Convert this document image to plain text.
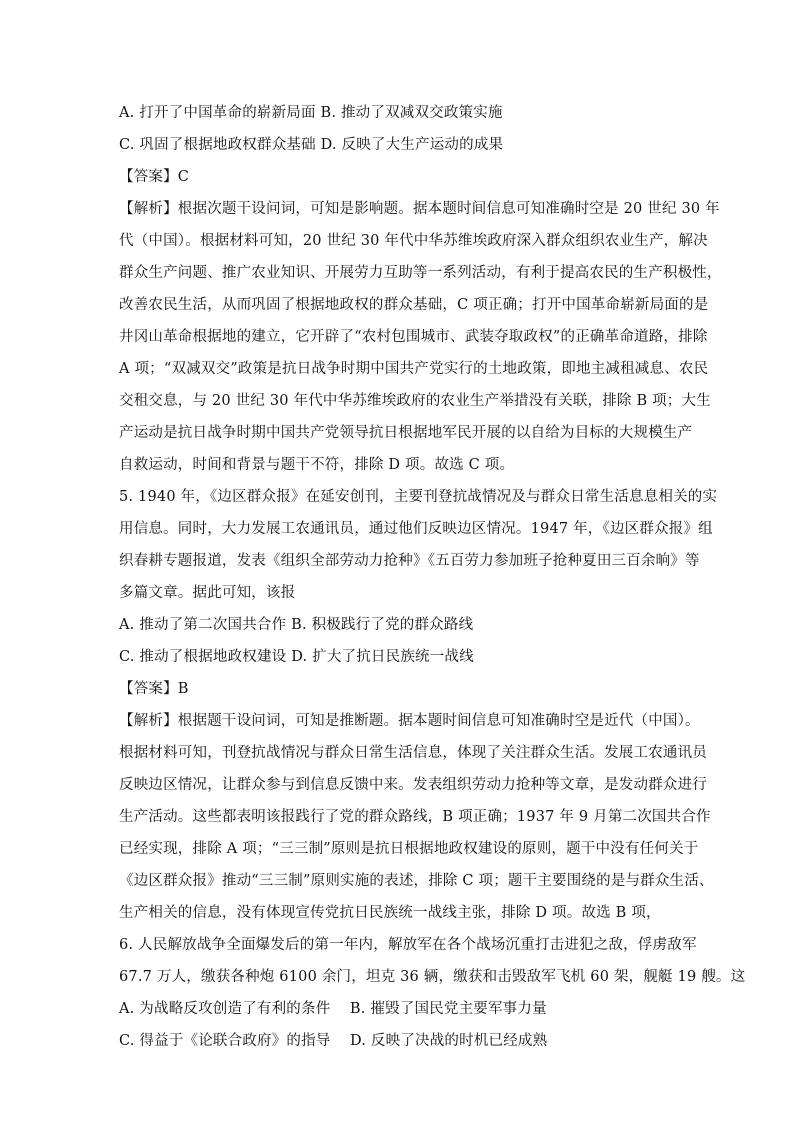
A. 打开了中国革命的崭新局面 B. 推动了双减双交政策实施
C. 巩固了根据地政权群众基础 D. 反映了大生产运动的成果
【答案】C
【解析】根据次题干设问词，可知是影响题。据本题时间信息可知准确时空是 20 世纪 30 年
代（中国）。根据材料可知，20 世纪 30 年代中华苏维埃政府深入群众组织农业生产，解决
群众生产问题、推广农业知识、开展劳力互助等一系列活动，有利于提高农民的生产积极性，
改善农民生活，从而巩固了根据地政权的群众基础，C 项正确；打开中国革命崭新局面的是
井冈山革命根据地的建立，它开辟了“农村包围城市、武装夺取政权”的正确革命道路，排除
A 项；“双减双交”政策是抗日战争时期中国共产党实行的土地政策，即地主减租减息、农民
交租交息，与 20 世纪 30 年代中华苏维埃政府的农业生产举措没有关联，排除 B 项；大生
产运动是抗日战争时期中国共产党领导抗日根据地军民开展的以自给为目标的大规模生产
自救运动，时间和背景与题干不符，排除 D 项。故选 C 项。
5. 1940 年，《边区群众报》在延安创刊，主要刊登抗战情况及与群众日常生活息息相关的实
用信息。同时，大力发展工农通讯员，通过他们反映边区情况。1947 年，《边区群众报》组
织春耕专题报道，发表《组织全部劳动力抢种》《五百劳力参加班子抢种夏田三百余晌》等
多篇文章。据此可知，该报
A. 推动了第二次国共合作 B. 积极践行了党的群众路线
C. 推动了根据地政权建设 D. 扩大了抗日民族统一战线
【答案】B
【解析】根据题干设问词，可知是推断题。据本题时间信息可知准确时空是近代（中国）。
根据材料可知，刊登抗战情况与群众日常生活信息，体现了关注群众生活。发展工农通讯员
反映边区情况，让群众参与到信息反馈中来。发表组织劳动力抢种等文章，是发动群众进行
生产活动。这些都表明该报践行了党的群众路线，B 项正确；1937 年 9 月第二次国共合作
已经实现，排除 A 项；“三三制”原则是抗日根据地政权建设的原则，题干中没有任何关于
《边区群众报》推动“三三制”原则实施的表述，排除 C 项；题干主要围绕的是与群众生活、
生产相关的信息，没有体现宣传党抗日民族统一战线主张，排除 D 项。故选 B 项，
6. 人民解放战争全面爆发后的第一年内，解放军在各个战场沉重打击进犯之敌，俘虏敌军
67.7 万人，缴获各种炮 6100 余门，坦克 36 辆，缴获和击毁敌军飞机 60 架，舰艇 19 艘。这
A. 为战略反攻创造了有利的条件　 B. 摧毁了国民党主要军事力量
C. 得益于《论联合政府》的指导　 D. 反映了决战的时机已经成熟
